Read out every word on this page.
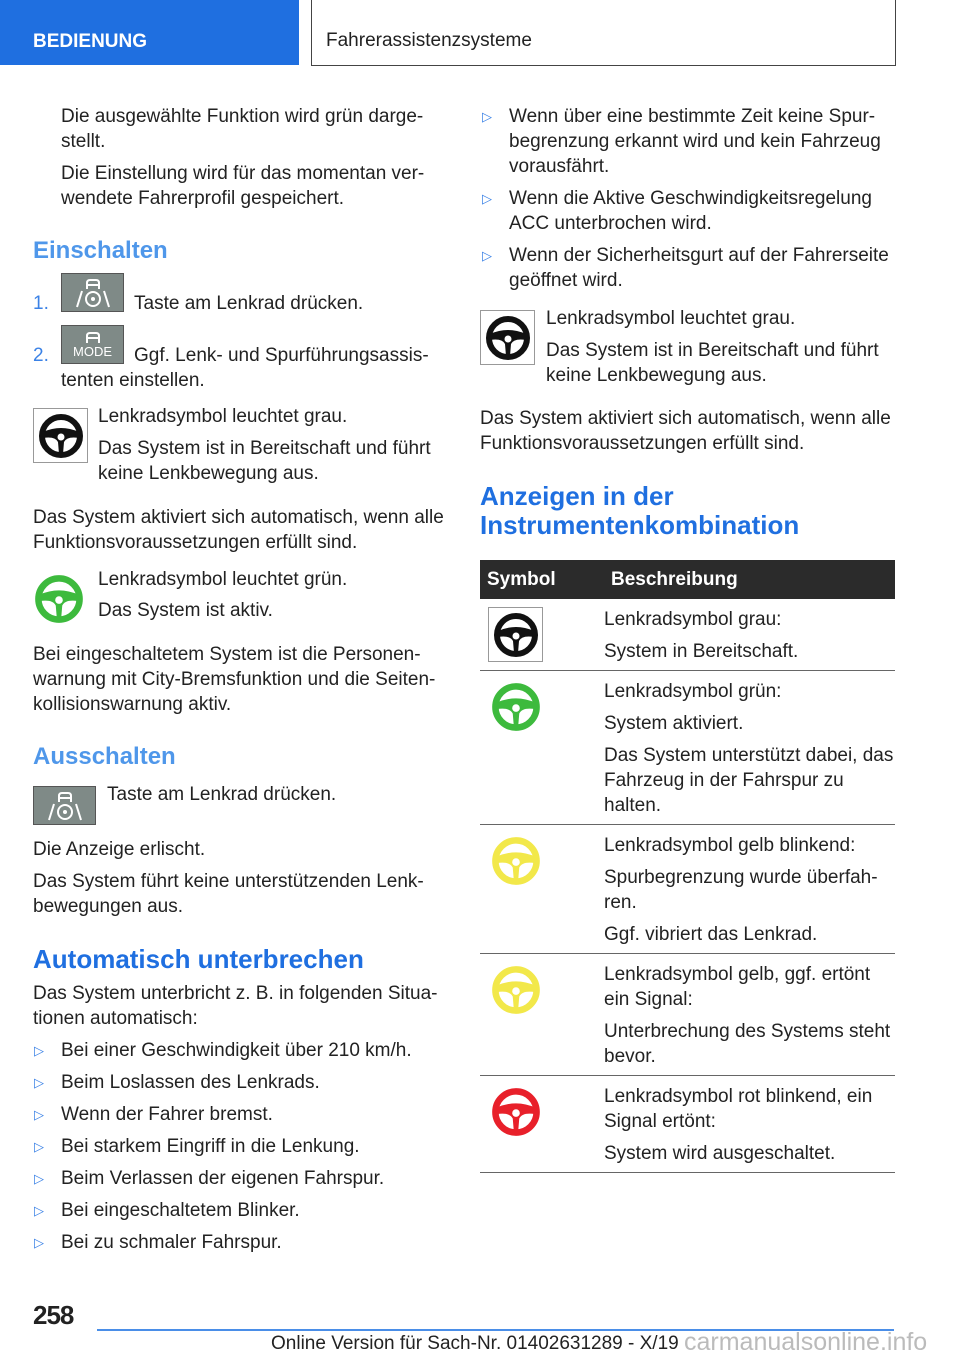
BEDIENUNG	Fahrerassistenzsysteme

Die ausgewählte Funktion wird grün darge-stellt.

Die Einstellung wird für das momentan ver-wendete Fahrerprofil gespeichert.

Einschalten

1.	Taste am Lenkrad drücken.

2. MODE Ggf. Lenk- und Spurführungsassis-

tenten einstellen.

Lenkradsymbol leuchtet grau.

Das System ist in Bereitschaft und führt keine Lenkbewegung aus.

Das System aktiviert sich automatisch, wenn alle Funktionsvoraussetzungen erfüllt sind.

Lenkradsymbol leuchtet grün.

Das System ist aktiv.

Bei eingeschaltetem System ist die Personen-warnung mit City-Bremsfunktion und die Seiten-kollisionswarnung aktiv.

Ausschalten

Taste am Lenkrad drücken.

Die Anzeige erlischt.

Das System führt keine unterstützenden Lenk-bewegungen aus.

Automatisch unterbrechen

Das System unterbricht z. B. in folgenden Situa-tionen automatisch:

▷ Bei einer Geschwindigkeit über 210 km/h.
▷ Beim Loslassen des Lenkrads.
▷ Wenn der Fahrer bremst.
▷ Bei starkem Eingriff in die Lenkung.
▷ Beim Verlassen der eigenen Fahrspur.
▷ Bei eingeschaltetem Blinker.
▷ Bei zu schmaler Fahrspur.
▷ Wenn über eine bestimmte Zeit keine Spur-begrenzung erkannt wird und kein Fahrzeug vorausfährt.
▷ Wenn die Aktive Geschwindigkeitsregelung ACC unterbrochen wird.
▷ Wenn der Sicherheitsgurt auf der Fahrerseite geöffnet wird.

Lenkradsymbol leuchtet grau.

Das System ist in Bereitschaft und führt keine Lenkbewegung aus.

Das System aktiviert sich automatisch, wenn alle Funktionsvoraussetzungen erfüllt sind.

Anzeigen in der Instrumentenkombination
Symbol	Beschreibung

Lenkradsymbol grau:

System in Bereitschaft.

Lenkradsymbol grün:

System aktiviert.

Das System unterstützt dabei, das Fahrzeug in der Fahrspur zu halten.

Lenkradsymbol gelb blinkend:

Spurbegrenzung wurde überfah-ren.

Ggf. vibriert das Lenkrad.

Lenkradsymbol gelb, ggf. ertönt ein Signal:

Unterbrechung des Systems steht bevor.

Lenkradsymbol rot blinkend, ein Signal ertönt:

System wird ausgeschaltet.

258
Online Version für Sach-Nr. 01402631289 - X/19 carmanualsonline.info
